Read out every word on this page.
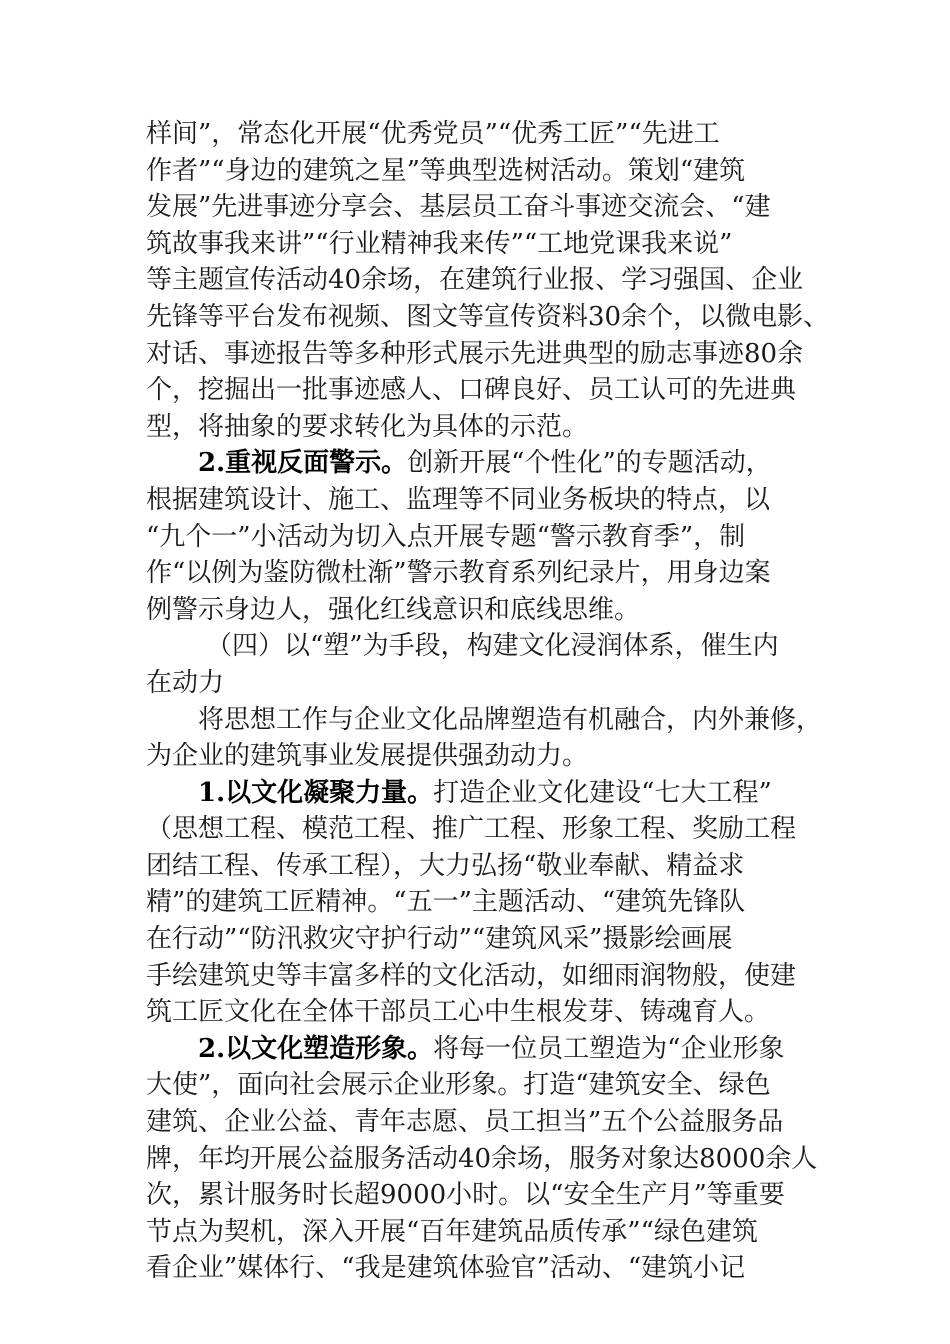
样间”，常态化开展“优秀党员”“优秀工匠”“先进工
作者”“身边的建筑之星”等典型选树活动。策划“建筑
发展”先进事迹分享会、基层员工奋斗事迹交流会、“建
筑故事我来讲”“行业精神我来传”“工地党课我来说”
等主题宣传活动40余场，在建筑行业报、学习强国、企业
先锋等平台发布视频、图文等宣传资料30余个，以微电影、
对话、事迹报告等多种形式展示先进典型的励志事迹80余
个，挖掘出一批事迹感人、口碑良好、员工认可的先进典
型，将抽象的要求转化为具体的示范。
2.重视反面警示。创新开展“个性化”的专题活动，
根据建筑设计、施工、监理等不同业务板块的特点，以
“九个一”小活动为切入点开展专题“警示教育季”，制
作“以例为鉴防微杜渐”警示教育系列纪录片，用身边案
例警示身边人，强化红线意识和底线思维。
（四）以“塑”为手段，构建文化浸润体系，催生内
在动力
将思想工作与企业文化品牌塑造有机融合，内外兼修，
为企业的建筑事业发展提供强劲动力。
1.以文化凝聚力量。打造企业文化建设“七大工程”
（思想工程、模范工程、推广工程、形象工程、奖励工程
团结工程、传承工程），大力弘扬“敬业奉献、精益求
精”的建筑工匠精神。“五一”主题活动、“建筑先锋队
在行动”“防汛救灾守护行动”“建筑风采”摄影绘画展
手绘建筑史等丰富多样的文化活动，如细雨润物般，使建
筑工匠文化在全体干部员工心中生根发芽、铸魂育人。
2.以文化塑造形象。将每一位员工塑造为“企业形象
大使”，面向社会展示企业形象。打造“建筑安全、绿色
建筑、企业公益、青年志愿、员工担当”五个公益服务品
牌，年均开展公益服务活动40余场，服务对象达8000余人
次，累计服务时长超9000小时。以“安全生产月”等重要
节点为契机，深入开展“百年建筑品质传承”“绿色建筑
看企业”媒体行、“我是建筑体验官”活动、“建筑小记
